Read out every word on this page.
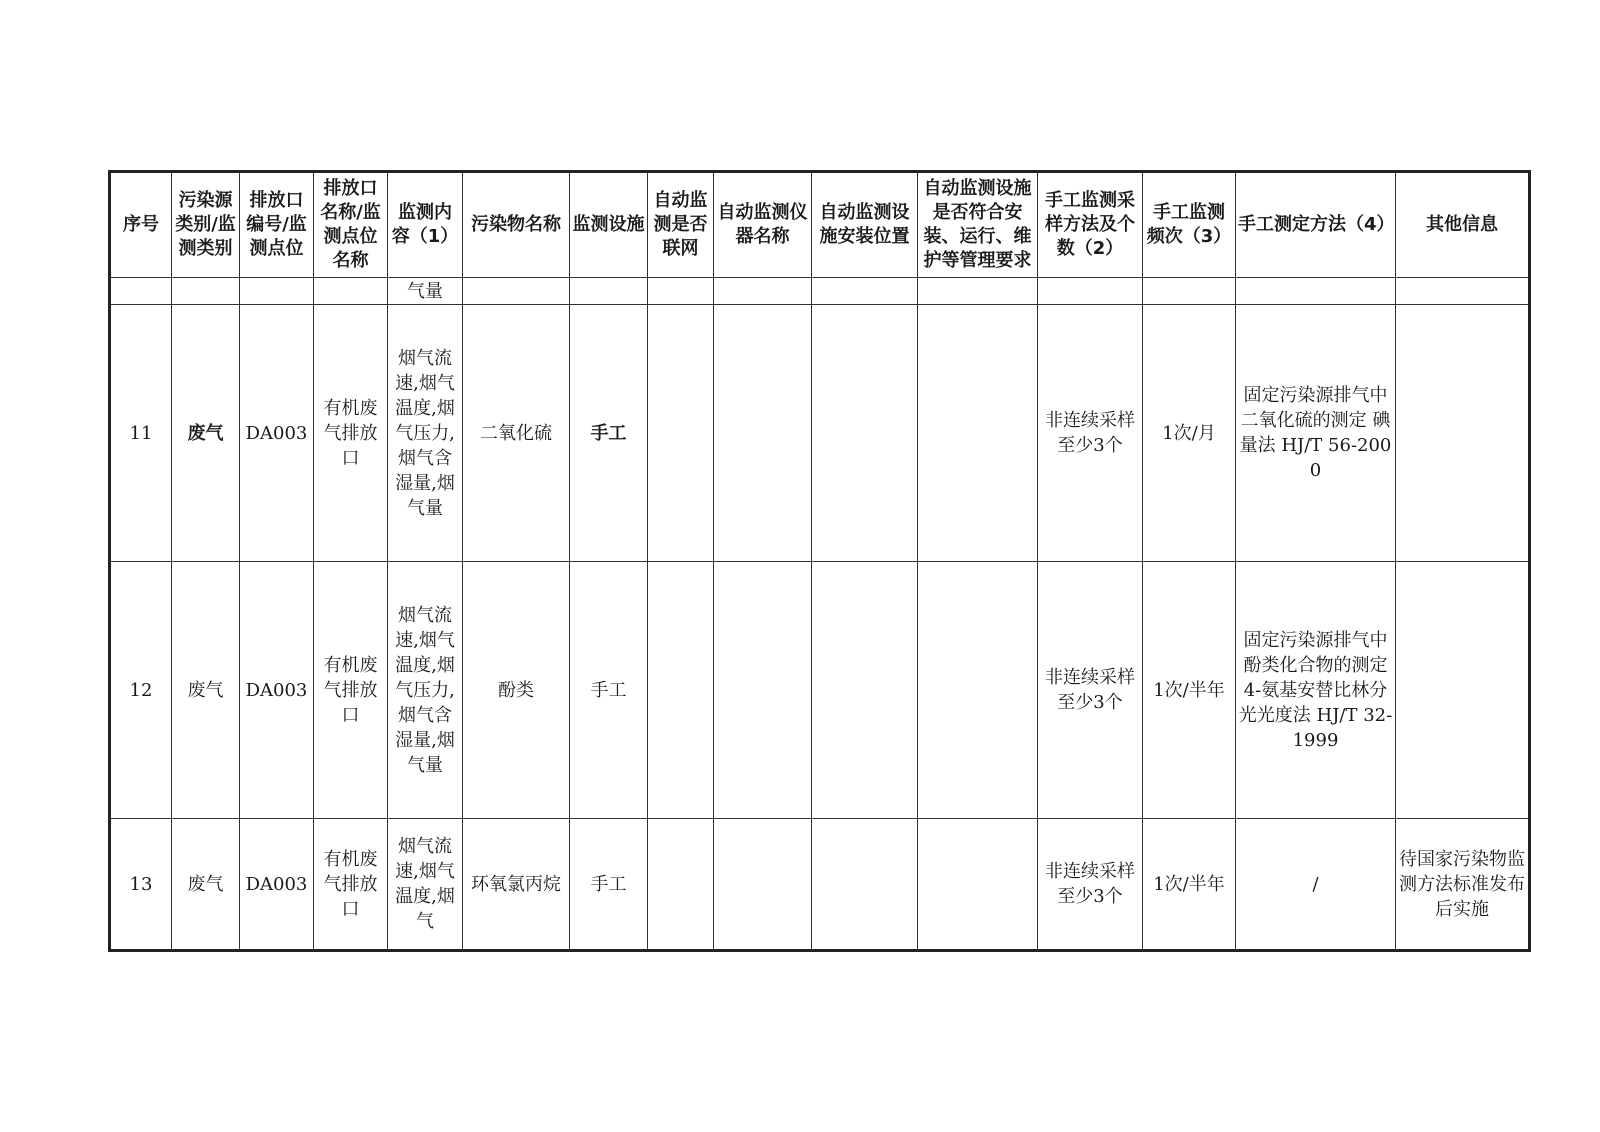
序号	污染源类别/监测类别	排放口编号/监测点位	排放口名称/监测点位名称	监测内容（1）	污染物名称	监测设施	自动监测是否联网	自动监测仪器名称	自动监测设施安装位置	自动监测设施是否符合安装、运行、维护等管理要求	手工监测采样方法及个数（2）	手工监测频次（3）	手工测定方法（4）	其他信息
				气量										
11	废气	DA003	有机废气排放口	烟气流速,烟气温度,烟气压力,烟气含湿量,烟气量	二氧化硫	手工					非连续采样 至少3个	1次/月	固定污染源排气中二氧化硫的测定 碘量法 HJ/T 56-2000	
12	废气	DA003	有机废气排放口	烟气流速,烟气温度,烟气压力,烟气含湿量,烟气量	酚类	手工					非连续采样 至少3个	1次/半年	固定污染源排气中酚类化合物的测定 4-氨基安替比林分光光度法 HJ/T 32-1999	
13	废气	DA003	有机废气排放口	烟气流速,烟气温度,烟气	环氧氯丙烷	手工					非连续采样 至少3个	1次/半年	/	待国家污染物监测方法标准发布后实施
